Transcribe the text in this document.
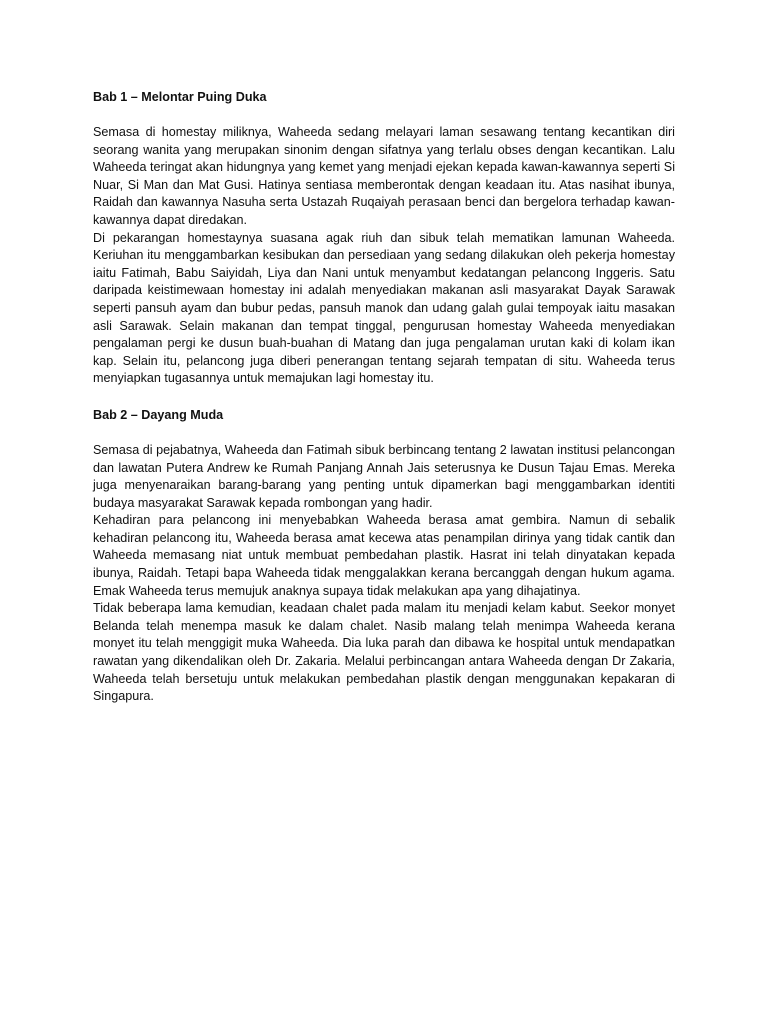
Bab 1 – Melontar Puing Duka

Semasa di homestay miliknya, Waheeda sedang melayari laman sesawang tentang kecantikan diri seorang wanita yang merupakan sinonim dengan sifatnya yang terlalu obses dengan kecantikan. Lalu Waheeda teringat akan hidungnya yang kemet yang menjadi ejekan kepada kawan-kawannya seperti Si Nuar, Si Man dan Mat Gusi. Hatinya sentiasa memberontak dengan keadaan itu. Atas nasihat ibunya, Raidah dan kawannya Nasuha serta Ustazah Ruqaiyah perasaan benci dan bergelora terhadap kawan-kawannya dapat diredakan.

Di pekarangan homestaynya suasana agak riuh dan sibuk telah mematikan lamunan Waheeda. Keriuhan itu menggambarkan kesibukan dan persediaan yang sedang dilakukan oleh pekerja homestay iaitu Fatimah, Babu Saiyidah, Liya dan Nani untuk menyambut kedatangan pelancong Inggeris. Satu daripada keistimewaan homestay ini adalah menyediakan makanan asli masyarakat Dayak Sarawak seperti pansuh ayam dan bubur pedas, pansuh manok dan udang galah gulai tempoyak iaitu masakan asli Sarawak. Selain makanan dan tempat tinggal, pengurusan homestay Waheeda menyediakan pengalaman pergi ke dusun buah-buahan di Matang dan juga pengalaman urutan kaki di kolam ikan kap. Selain itu, pelancong juga diberi penerangan tentang sejarah tempatan di situ. Waheeda terus menyiapkan tugasannya untuk memajukan lagi homestay itu.

Bab 2 – Dayang Muda

Semasa di pejabatnya, Waheeda dan Fatimah sibuk berbincang tentang 2 lawatan institusi pelancongan dan lawatan Putera Andrew ke Rumah Panjang Annah Jais seterusnya ke Dusun Tajau Emas. Mereka juga menyenaraikan barang-barang yang penting untuk dipamerkan bagi menggambarkan identiti budaya masyarakat Sarawak kepada rombongan yang hadir.

Kehadiran para pelancong ini menyebabkan Waheeda berasa amat gembira. Namun di sebalik kehadiran pelancong itu, Waheeda berasa amat kecewa atas penampilan dirinya yang tidak cantik dan Waheeda memasang niat untuk membuat pembedahan plastik. Hasrat ini telah dinyatakan kepada ibunya, Raidah. Tetapi bapa Waheeda tidak menggalakkan kerana bercanggah dengan hukum agama. Emak Waheeda terus memujuk anaknya supaya tidak melakukan apa yang dihajatinya.

Tidak beberapa lama kemudian, keadaan chalet pada malam itu menjadi kelam kabut. Seekor monyet Belanda telah menempa masuk ke dalam chalet. Nasib malang telah menimpa Waheeda kerana monyet itu telah menggigit muka Waheeda. Dia luka parah dan dibawa ke hospital untuk mendapatkan rawatan yang dikendalikan oleh Dr. Zakaria. Melalui perbincangan antara Waheeda dengan Dr Zakaria, Waheeda telah bersetuju untuk melakukan pembedahan plastik dengan menggunakan kepakaran di Singapura.
